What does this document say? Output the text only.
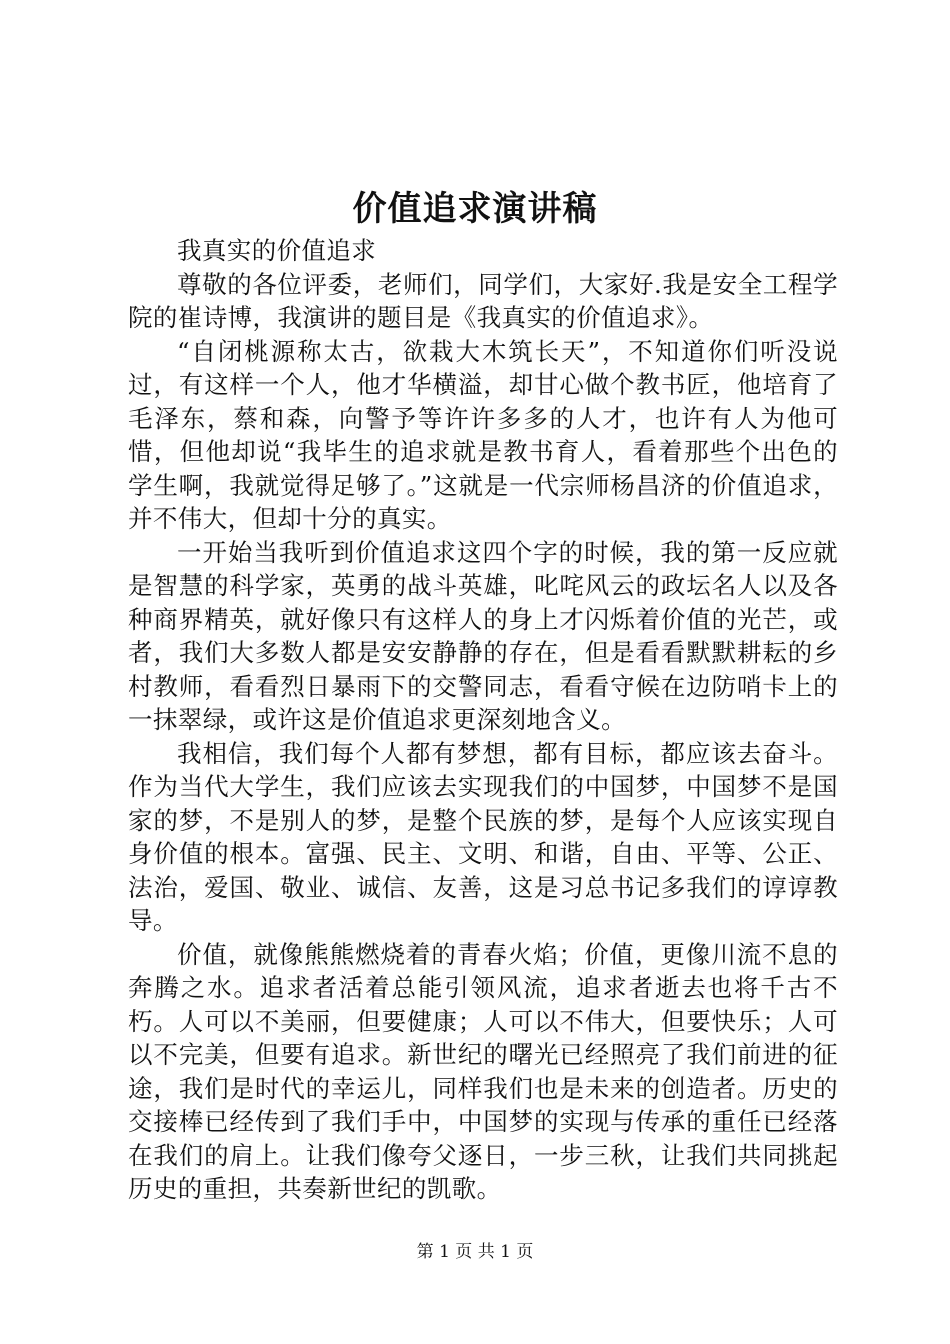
价值追求演讲稿

我真实的价值追求

尊敬的各位评委，老师们，同学们，大家好.我是安全工程学院的崔诗博，我演讲的题目是《我真实的价值追求》。

“自闭桃源称太古，欲栽大木筑长天”，不知道你们听没说过，有这样一个人，他才华横溢，却甘心做个教书匠，他培育了毛泽东，蔡和森，向警予等许许多多的人才，也许有人为他可惜，但他却说“我毕生的追求就是教书育人，看着那些个出色的学生啊，我就觉得足够了。”这就是一代宗师杨昌济的价值追求，并不伟大，但却十分的真实。

一开始当我听到价值追求这四个字的时候，我的第一反应就是智慧的科学家，英勇的战斗英雄，叱咤风云的政坛名人以及各种商界精英，就好像只有这样人的身上才闪烁着价值的光芒，或者，我们大多数人都是安安静静的存在，但是看看默默耕耘的乡村教师，看看烈日暴雨下的交警同志，看看守候在边防哨卡上的一抹翠绿，或许这是价值追求更深刻地含义。

我相信，我们每个人都有梦想，都有目标，都应该去奋斗。作为当代大学生，我们应该去实现我们的中国梦，中国梦不是国家的梦，不是别人的梦，是整个民族的梦，是每个人应该实现自身价值的根本。富强、民主、文明、和谐，自由、平等、公正、法治，爱国、敬业、诚信、友善，这是习总书记多我们的谆谆教导。

价值，就像熊熊燃烧着的青春火焰；价值，更像川流不息的奔腾之水。追求者活着总能引领风流，追求者逝去也将千古不朽。人可以不美丽，但要健康；人可以不伟大，但要快乐；人可以不完美，但要有追求。新世纪的曙光已经照亮了我们前进的征途，我们是时代的幸运儿，同样我们也是未来的创造者。历史的交接棒已经传到了我们手中，中国梦的实现与传承的重任已经落在我们的肩上。让我们像夸父逐日，一步三秋，让我们共同挑起历史的重担，共奏新世纪的凯歌。

第 1 页 共 1 页
